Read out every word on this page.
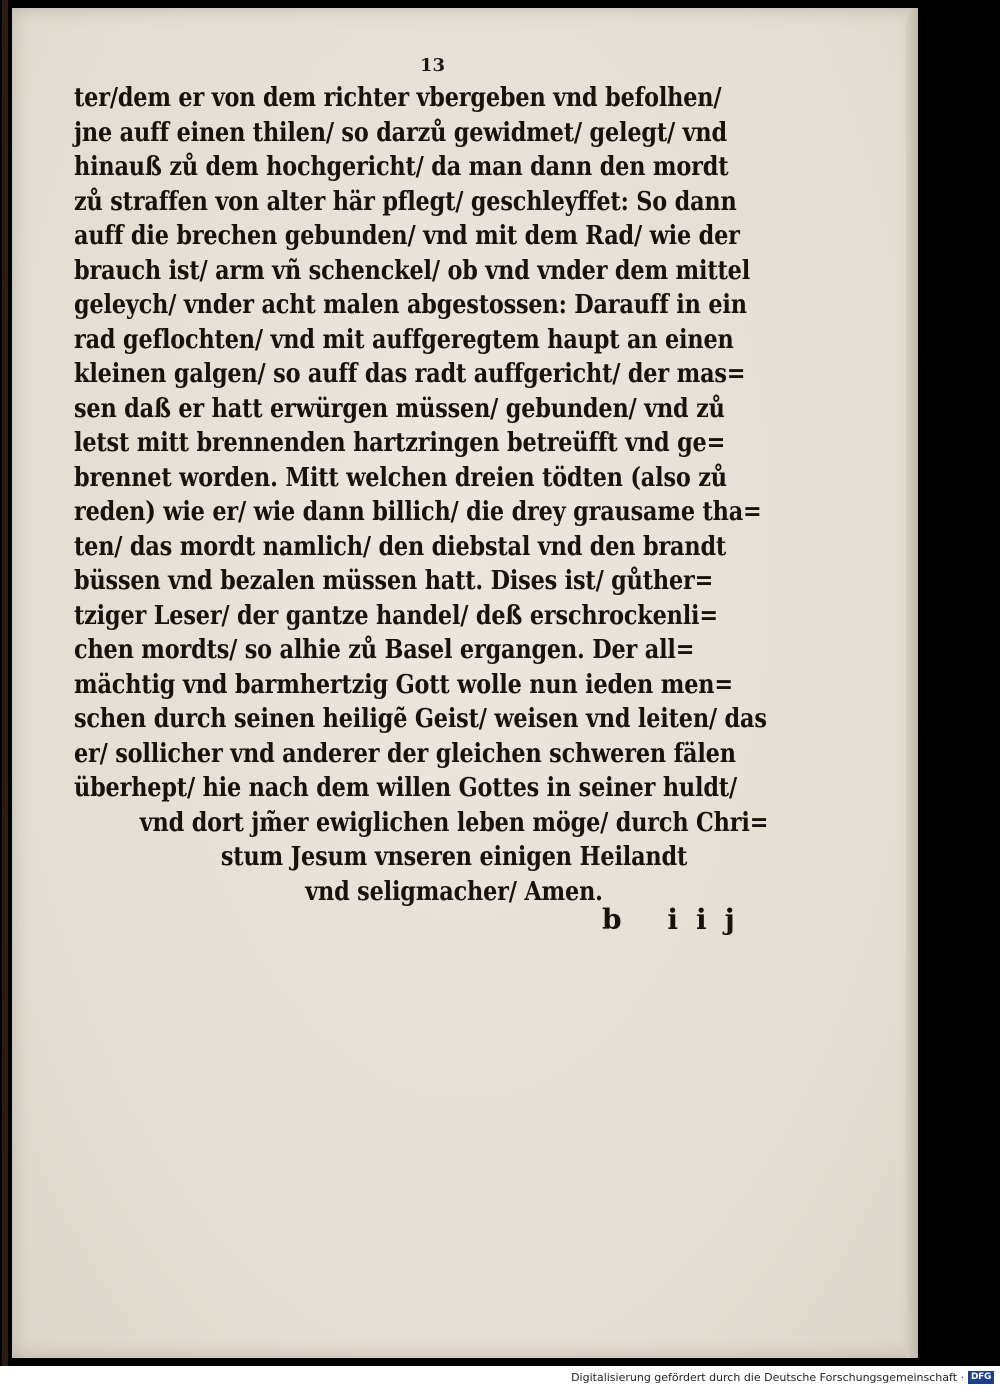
13
ter/dem er von dem richter vbergeben vnd befolhen/
jne auff einen thilen/ so darzů gewidmet/ gelegt/ vnd
hinauß zů dem hochgericht/ da man dann den mordt
zů straffen von alter här pflegt/ geschleyffet: So dann
auff die brechen gebunden/ vnd mit dem Rad/ wie der
brauch ist/ arm vñ schenckel/ ob vnd vnder dem mittel
geleych/ vnder acht malen abgestossen: Darauff in ein
rad geflochten/ vnd mit auffgeregtem haupt an einen
kleinen galgen/ so auff das radt auffgericht/ der mas=
sen daß er hatt erwürgen müssen/ gebunden/ vnd zů
letst mitt brennenden hartzringen betreüfft vnd ge=
brennet worden. Mitt welchen dreien tödten (also zů
reden) wie er/ wie dann billich/ die drey grausame tha=
ten/ das mordt namlich/ den diebstal vnd den brandt
büssen vnd bezalen müssen hatt. Dises ist/ gůther=
tziger Leser/ der gantze handel/ deß erschrockenli=
chen mordts/ so alhie zů Basel ergangen. Der all=
mächtig vnd barmhertzig Gott wolle nun ieden men=
schen durch seinen heiligẽ Geist/ weisen vnd leiten/ das
er/ sollicher vnd anderer der gleichen schweren fälen
überhept/ hie nach dem willen Gottes in seiner huldt/
vnd dort jm̃er ewiglichen leben möge/ durch Chri=
stum Jesum vnseren einigen Heilandt
vnd seligmacher/ Amen.
b iij
Digitalisierung gefördert durch die Deutsche Forschungsgemeinschaft · DFG
